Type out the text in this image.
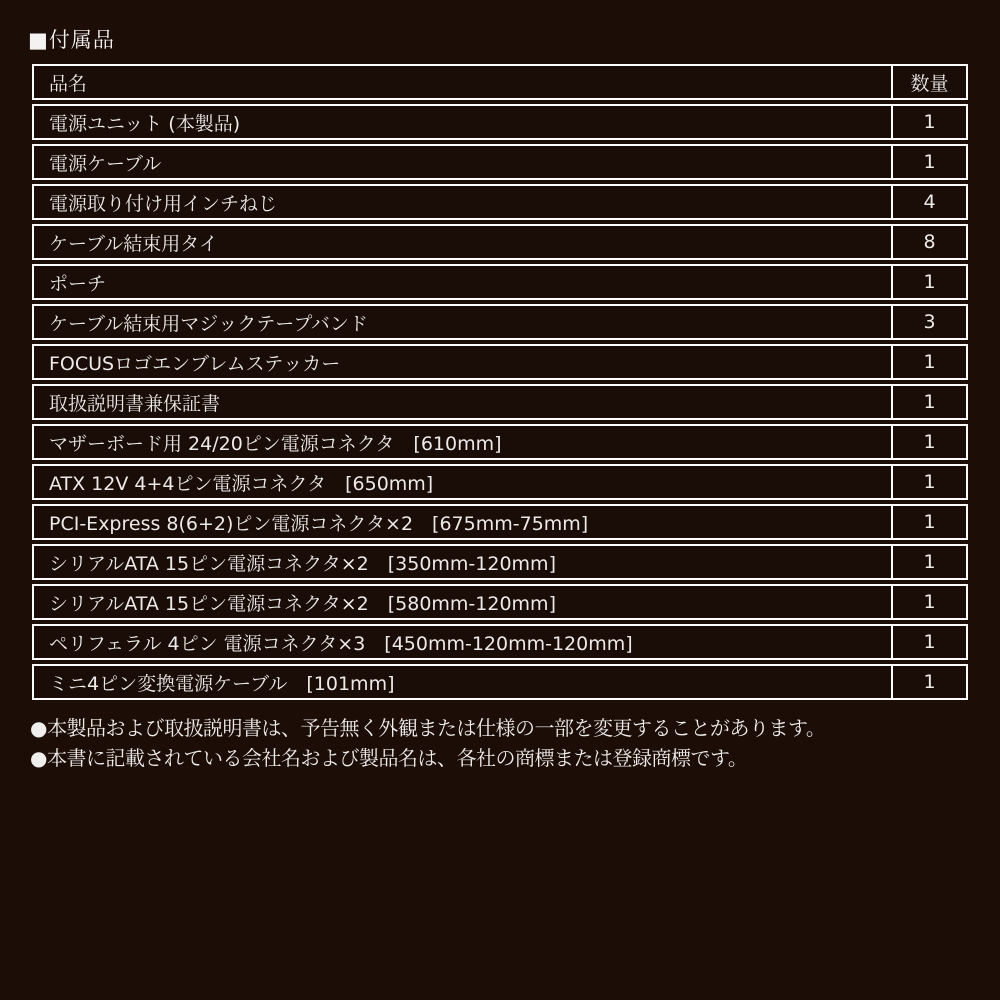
■付属品
品名	数量
電源ユニット (本製品)	1
電源ケーブル	1
電源取り付け用インチねじ	4
ケーブル結束用タイ	8
ポーチ	1
ケーブル結束用マジックテープバンド	3
FOCUSロゴエンブレムステッカー	1
取扱説明書兼保証書	1
マザーボード用 24/20ピン電源コネクタ　[610mm]	1
ATX 12V 4+4ピン電源コネクタ　[650mm]	1
PCI-Express 8(6+2)ピン電源コネクタ×2　[675mm-75mm]	1
シリアルATA 15ピン電源コネクタ×2　[350mm-120mm]	1
シリアルATA 15ピン電源コネクタ×2　[580mm-120mm]	1
ペリフェラル 4ピン 電源コネクタ×3　[450mm-120mm-120mm]	1
ミニ4ピン変換電源ケーブル　[101mm]	1

●本製品および取扱説明書は、予告無く外観または仕様の一部を変更することがあります。

●本書に記載されている会社名および製品名は、各社の商標または登録商標です。
